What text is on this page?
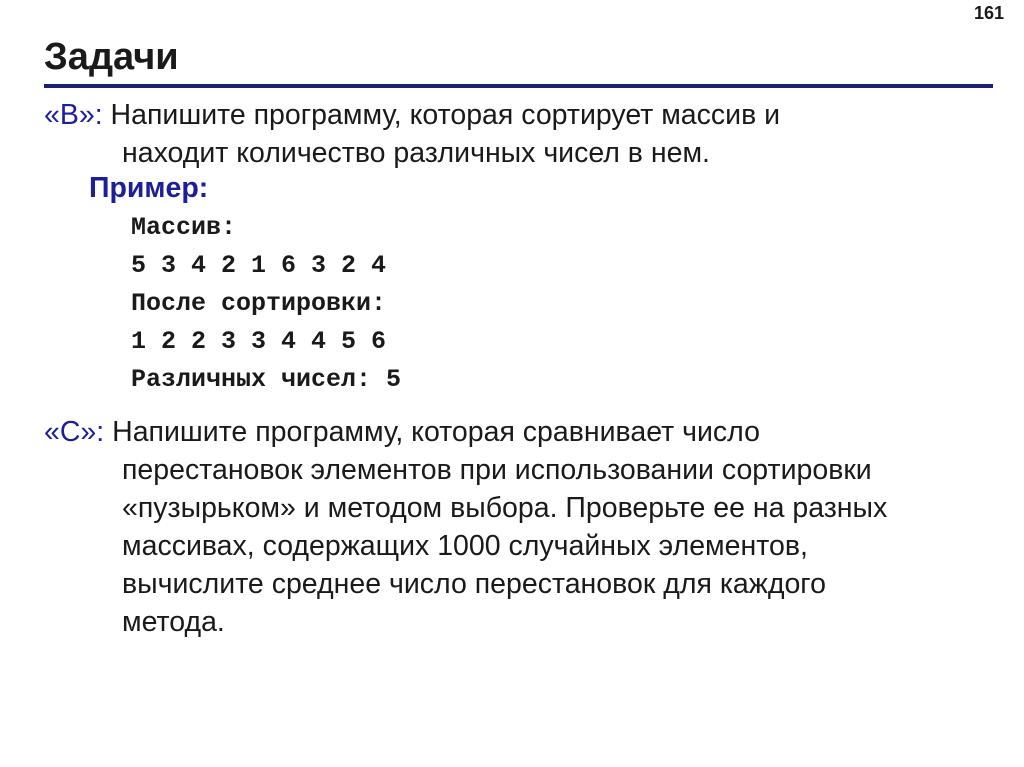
161
Задачи
«B»: Напишите программу, которая сортирует массив и
находит количество различных чисел в нем.
Пример:
Массив:
5 3 4 2 1 6 3 2 4
После сортировки:
1 2 2 3 3 4 4 5 6
Различных чисел: 5
«C»: Напишите программу, которая сравнивает число
перестановок элементов при использовании сортировки
«пузырьком» и методом выбора. Проверьте ее на разных
массивах, содержащих 1000 случайных элементов,
вычислите среднее число перестановок для каждого
метода.
